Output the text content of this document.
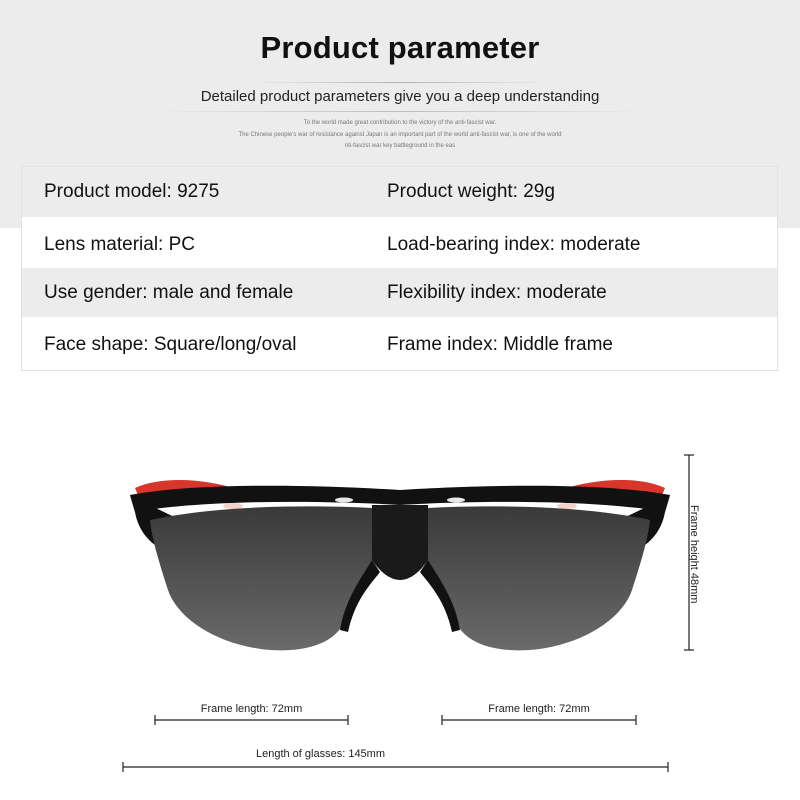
Product parameter
Detailed product parameters give you a deep understanding
To the world made great contribution to the victory of the anti-fascist war.
The Chinese people's war of resistance against Japan is an important part of the world anti-fascist war, is one of the world
nti-fascist war key battleground in the eas
Product model: 9275	Product weight: 29g
Lens material: PC	Load-bearing index: moderate
Use gender: male and female	Flexibility index: moderate
Face shape: Square/long/oval	Frame index: Middle frame
Frame height 48mm
Frame length: 72mm	Frame length: 72mm
Length of glasses: 145mm
